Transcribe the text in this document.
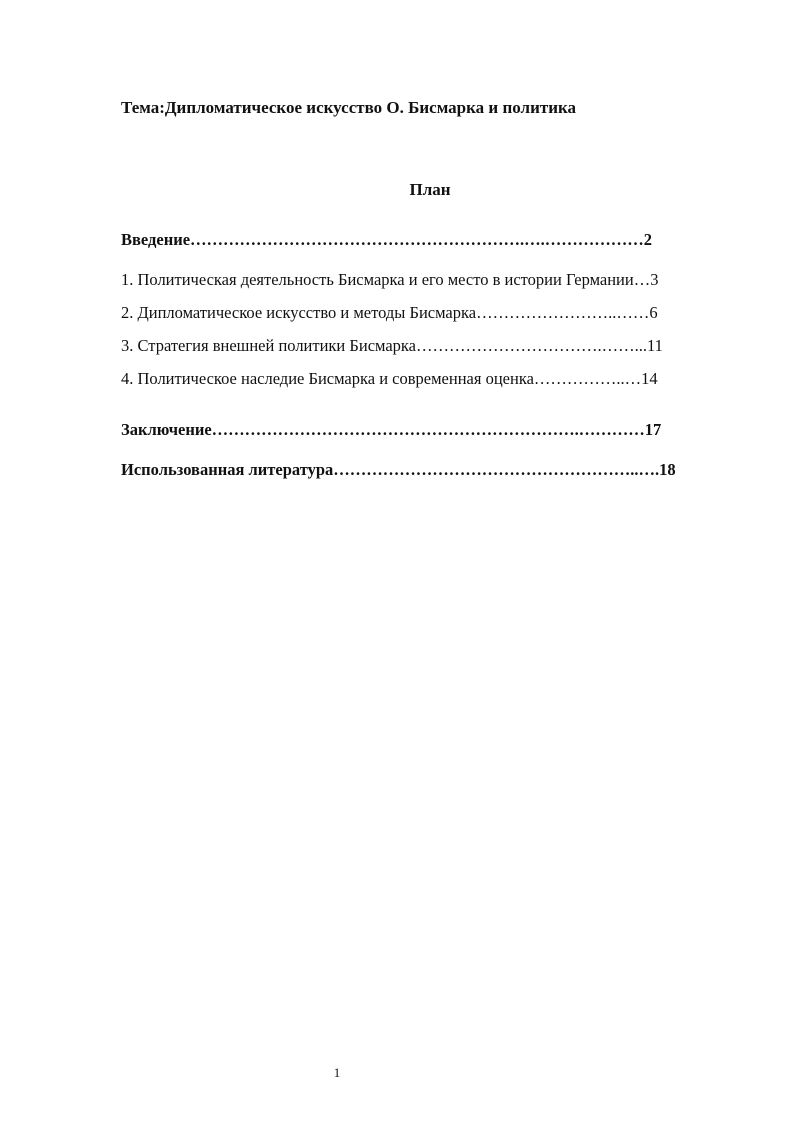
Тема:Дипломатическое искусство О. Бисмарка и политика
План
Введение…………………………………………………….….………………2
1. Политическая деятельность Бисмарка и его место в истории Германии…3
2. Дипломатическое искусство и методы Бисмарка……………………..……6
3. Стратегия внешней политики Бисмарка…………………………….……...11
4. Политическое наследие Бисмарка и современная оценка……………..…14
Заключение………………………………………………………….…………17
Использованная литература………………………………………………..….18
1
